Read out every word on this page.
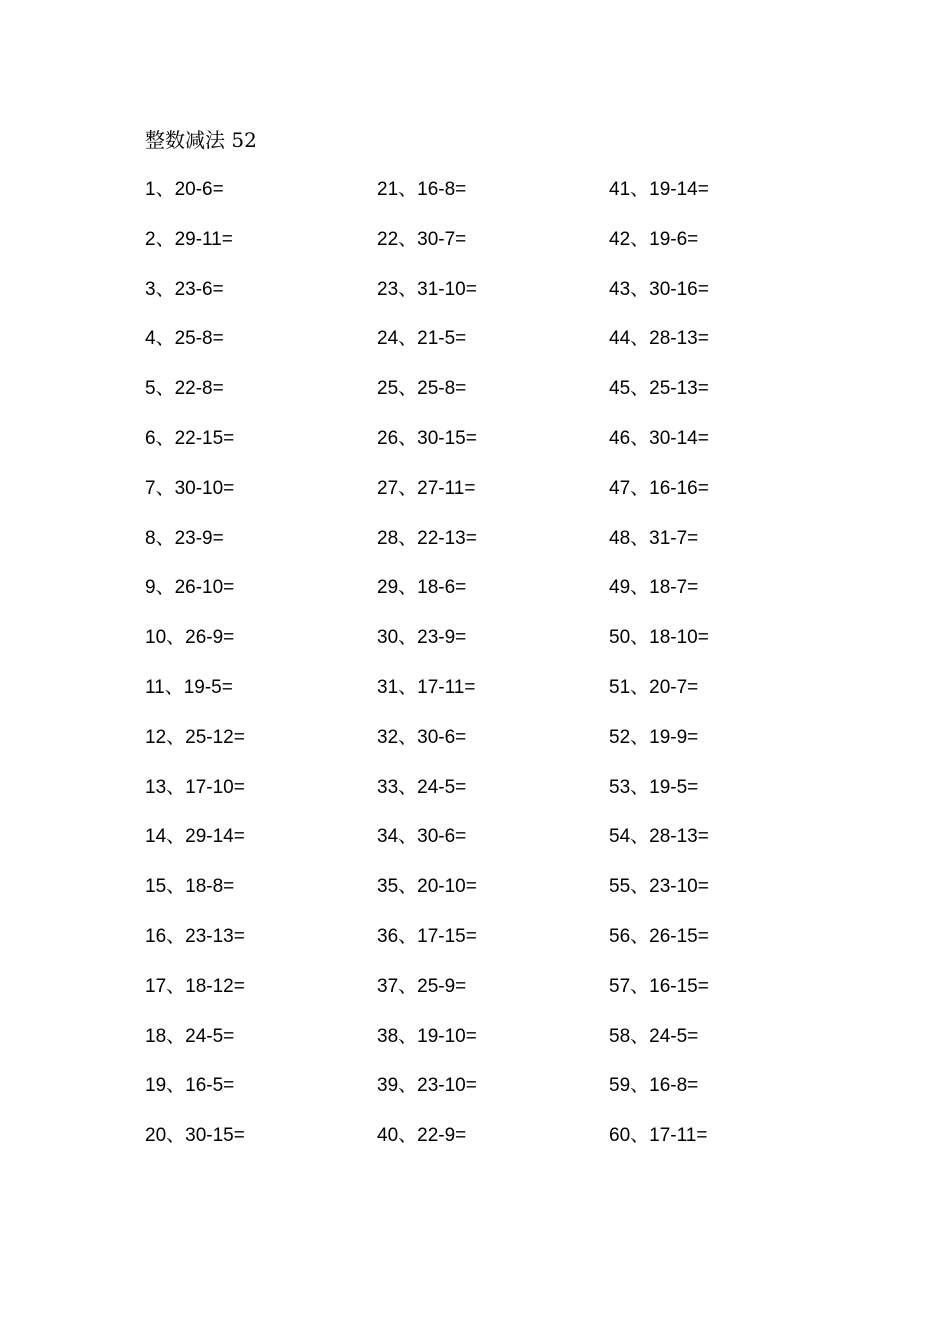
整数减法 52
1、20-6=
2、29-11=
3、23-6=
4、25-8=
5、22-8=
6、22-15=
7、30-10=
8、23-9=
9、26-10=
10、26-9=
11、19-5=
12、25-12=
13、17-10=
14、29-14=
15、18-8=
16、23-13=
17、18-12=
18、24-5=
19、16-5=
20、30-15=
21、16-8=
22、30-7=
23、31-10=
24、21-5=
25、25-8=
26、30-15=
27、27-11=
28、22-13=
29、18-6=
30、23-9=
31、17-11=
32、30-6=
33、24-5=
34、30-6=
35、20-10=
36、17-15=
37、25-9=
38、19-10=
39、23-10=
40、22-9=
41、19-14=
42、19-6=
43、30-16=
44、28-13=
45、25-13=
46、30-14=
47、16-16=
48、31-7=
49、18-7=
50、18-10=
51、20-7=
52、19-9=
53、19-5=
54、28-13=
55、23-10=
56、26-15=
57、16-15=
58、24-5=
59、16-8=
60、17-11=
